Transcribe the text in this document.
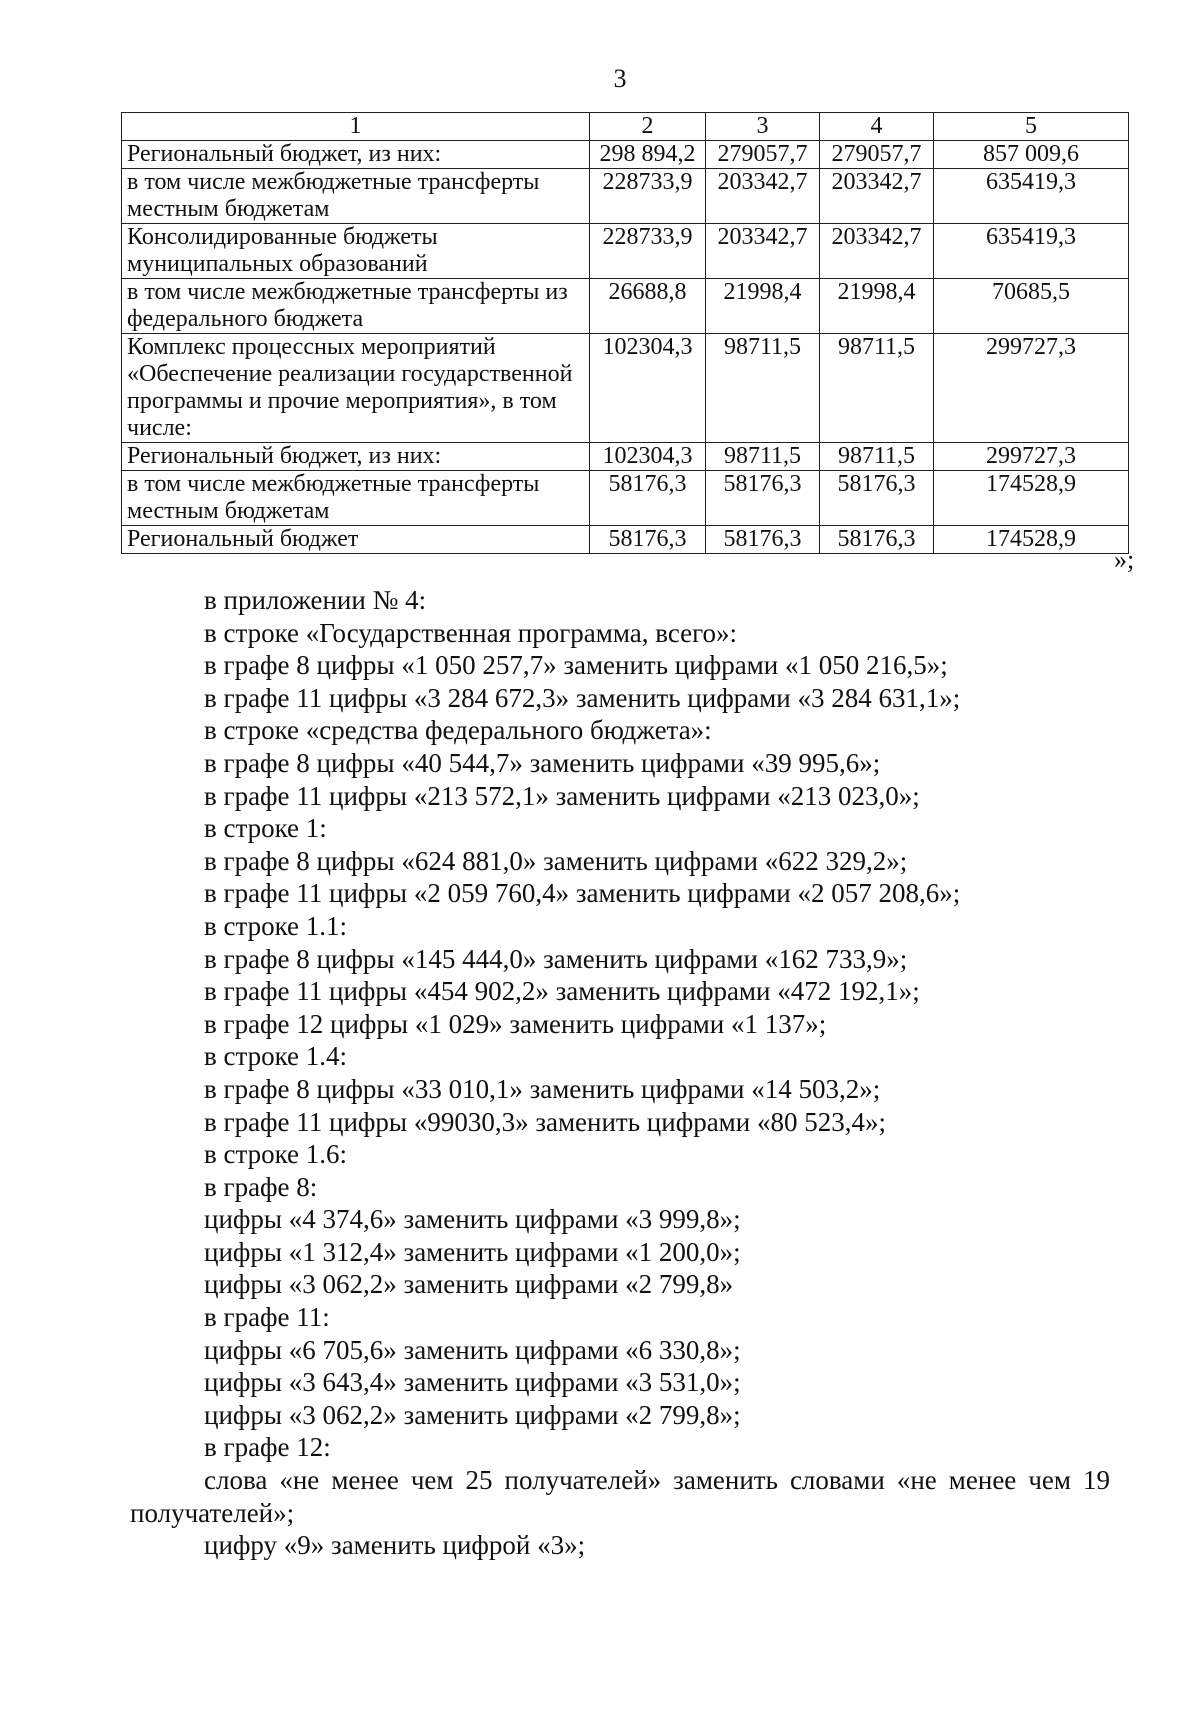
3
1	2	3	4	5
Региональный бюджет, из них:	298 894,2	279057,7	279057,7	857 009,6
в том числе межбюджетные трансферты местным бюджетам	228733,9	203342,7	203342,7	635419,3
Консолидированные бюджеты муниципальных образований	228733,9	203342,7	203342,7	635419,3
в том числе межбюджетные трансферты из федерального бюджета	26688,8	21998,4	21998,4	70685,5
Комплекс процессных мероприятий «Обеспечение реализации государственной программы и прочие мероприятия», в том числе:	102304,3	98711,5	98711,5	299727,3
Региональный бюджет, из них:	102304,3	98711,5	98711,5	299727,3
в том числе межбюджетные трансферты местным бюджетам	58176,3	58176,3	58176,3	174528,9
Региональный бюджет	58176,3	58176,3	58176,3	174528,9
»;
в приложении № 4:
в строке «Государственная программа, всего»:
в графе 8 цифры «1 050 257,7» заменить цифрами «1 050 216,5»;
в графе 11 цифры «3 284 672,3» заменить цифрами «3 284 631,1»;
в строке «средства федерального бюджета»:
в графе 8 цифры «40 544,7» заменить цифрами «39 995,6»;
в графе 11 цифры «213 572,1» заменить цифрами «213 023,0»;
в строке 1:
в графе 8 цифры «624 881,0» заменить цифрами «622 329,2»;
в графе 11 цифры «2 059 760,4» заменить цифрами «2 057 208,6»;
в строке 1.1:
в графе 8 цифры «145 444,0» заменить цифрами «162 733,9»;
в графе 11 цифры «454 902,2» заменить цифрами «472 192,1»;
в графе 12 цифры «1 029» заменить цифрами «1 137»;
в строке 1.4:
в графе 8 цифры «33 010,1» заменить цифрами «14 503,2»;
в графе 11 цифры «99030,3» заменить цифрами «80 523,4»;
в строке 1.6:
в графе 8:
цифры «4 374,6» заменить цифрами «3 999,8»;
цифры «1 312,4» заменить цифрами «1 200,0»;
цифры «3 062,2» заменить цифрами «2 799,8»
в графе 11:
цифры «6 705,6» заменить цифрами «6 330,8»;
цифры «3 643,4» заменить цифрами «3 531,0»;
цифры «3 062,2» заменить цифрами «2 799,8»;
в графе 12:
слова «не менее чем 25 получателей» заменить словами «не менее чем 19 получателей»;
цифру «9» заменить цифрой «3»;
